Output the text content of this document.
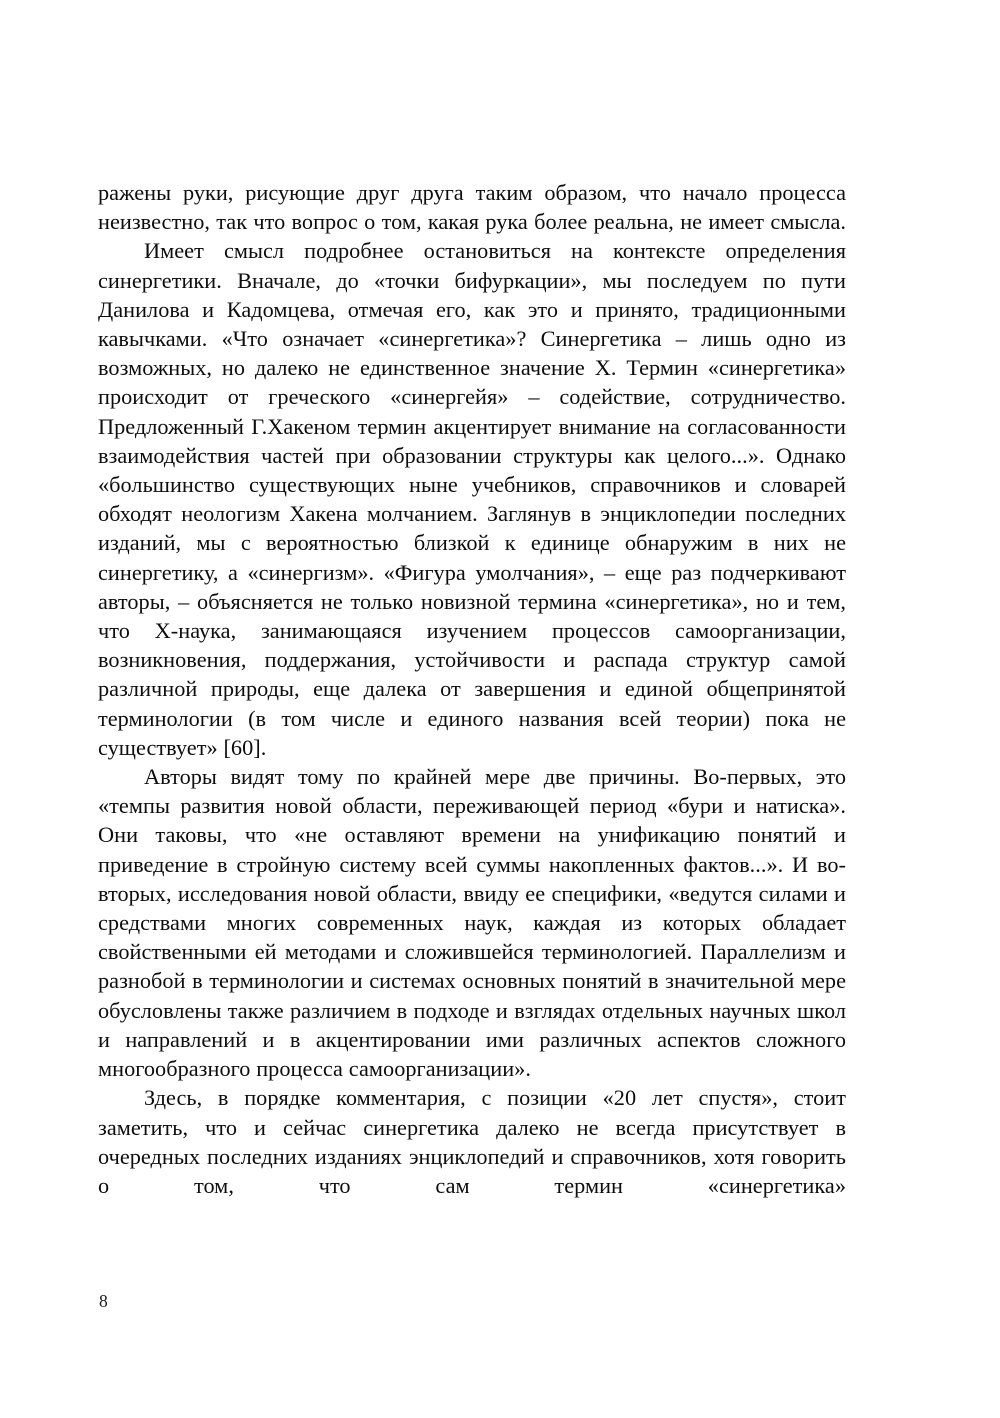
ражены руки, рисующие друг друга таким образом, что начало процесса неизвестно, так что вопрос о том, какая рука более реальна, не имеет смысла.

Имеет смысл подробнее остановиться на контексте определения синергетики. Вначале, до «точки бифуркации», мы последуем по пути Данилова и Кадомцева, отмечая его, как это и принято, традиционными кавычками. «Что означает «синергетика»? Синергетика ‒ лишь одно из возможных, но далеко не единственное значение Х. Термин «синергетика» происходит от греческого «синергейя» ‒ содействие, сотрудничество. Предложенный Г.Хакеном термин акцентирует внимание на согласованности взаимодействия частей при образовании структуры как целого...». Однако «большинство существующих ныне учебников, справочников и словарей обходят неологизм Хакена молчанием. Заглянув в энциклопедии последних изданий, мы с вероятностью близкой к единице обнаружим в них не синергетику, а «синергизм». «Фигура умолчания», ‒ еще раз подчеркивают авторы, ‒ объясняется не только новизной термина «синергетика», но и тем, что Х-наука, занимающаяся изучением процессов самоорганизации, возникновения, поддержания, устойчивости и распада структур самой различной природы, еще далека от завершения и единой общепринятой терминологии (в том числе и единого названия всей теории) пока не существует» [60].

Авторы видят тому по крайней мере две причины. Во-первых, это «темпы развития новой области, переживающей период «бури и натиска». Они таковы, что «не оставляют времени на унификацию понятий и приведение в стройную систему всей суммы накопленных фактов...». И во-вторых, исследования новой области, ввиду ее специфики, «ведутся силами и средствами многих современных наук, каждая из которых обладает свойственными ей методами и сложившейся терминологией. Параллелизм и разнобой в терминологии и системах основных понятий в значительной мере обусловлены также различием в подходе и взглядах отдельных научных школ и направлений и в акцентировании ими различных аспектов сложного многообразного процесса самоорганизации».

Здесь, в порядке комментария, с позиции «20 лет спустя», стоит заметить, что и сейчас синергетика далеко не всегда присутствует в очередных последних изданиях энциклопедий и справочников, хотя говорить о том, что сам термин «синергетика»

8
